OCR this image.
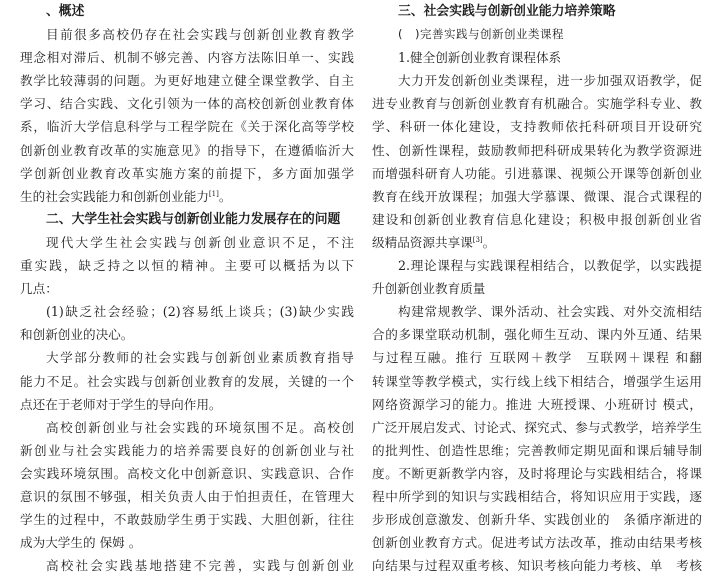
、概述
目前很多高校仍存在社会实践与创新创业教育教学
理念相对滞后、机制不够完善、内容方法陈旧单一、实践
教学比较薄弱的问题。为更好地建立健全课堂教学、自主
学习、结合实践、文化引领为一体的高校创新创业教育体
系，临沂大学信息科学与工程学院在《关于深化高等学校
创新创业教育改革的实施意见》的指导下，在遵循临沂大
学创新创业教育改革实施方案的前提下，多方面加强学
生的社会实践能力和创新创业能力[1]。
二、大学生社会实践与创新创业能力发展存在的问题
现代大学生社会实践与创新创业意识不足，不注
重实践，缺乏持之以恒的精神。主要可以概括为以下
几点：
(1)缺乏社会经验；(2)容易纸上谈兵；(3)缺少实践
和创新创业的决心。
大学部分教师的社会实践与创新创业素质教育指导
能力不足。社会实践与创新创业教育的发展，关键的一个
点还在于老师对于学生的导向作用。
高校创新创业与社会实践的环境氛围不足。高校创
新创业与社会实践能力的培养需要良好的创新创业与社
会实践环境氛围。高校文化中创新意识、实践意识、合作
意识的氛围不够强，相关负责人由于怕担责任，在管理大
学生的过程中，不敢鼓励学生勇于实践、大胆创新，往往
成为大学生的 保姆 。
高校社会实践基地搭建不完善，实践与创新创业
三、社会实践与创新创业能力培养策略
(　)完善实践与创新创业类课程
1.健全创新创业教育课程体系
大力开发创新创业类课程，进一步加强双语教学，促
进专业教育与创新创业教育有机融合。实施学科专业、教
学、科研一体化建设，支持教师依托科研项目开设研究
性、创新性课程，鼓励教师把科研成果转化为教学资源进
而增强科研育人功能。引进慕课、视频公开课等创新创业
教育在线开放课程；加强大学慕课、微课、混合式课程的
建设和创新创业教育信息化建设；积极申报创新创业省
级精品资源共享课[3]。
2.理论课程与实践课程相结合，以教促学，以实践提
升创新创业教育质量
构建常规教学、课外活动、社会实践、对外交流相结
合的多课堂联动机制，强化师生互动、课内外互通、结果
与过程互融。推行 互联网＋教学　互联网＋课程 和翻
转课堂等教学模式，实行线上线下相结合，增强学生运用
网络资源学习的能力。推进 大班授课、小班研讨 模式，
广泛开展启发式、讨论式、探究式、参与式教学，培养学生
的批判性、创造性思维；完善教师定期见面和课后辅导制
度。不断更新教学内容，及时将理论与实践相结合，将课
程中所学到的知识与实践相结合，将知识应用于实践，逐
步形成创意激发、创新升华、实践创业的　条循序渐进的
创新创业教育方式。促进考试方法改革，推动由结果考核
向结果与过程双重考核、知识考核向能力考核、单　考核
